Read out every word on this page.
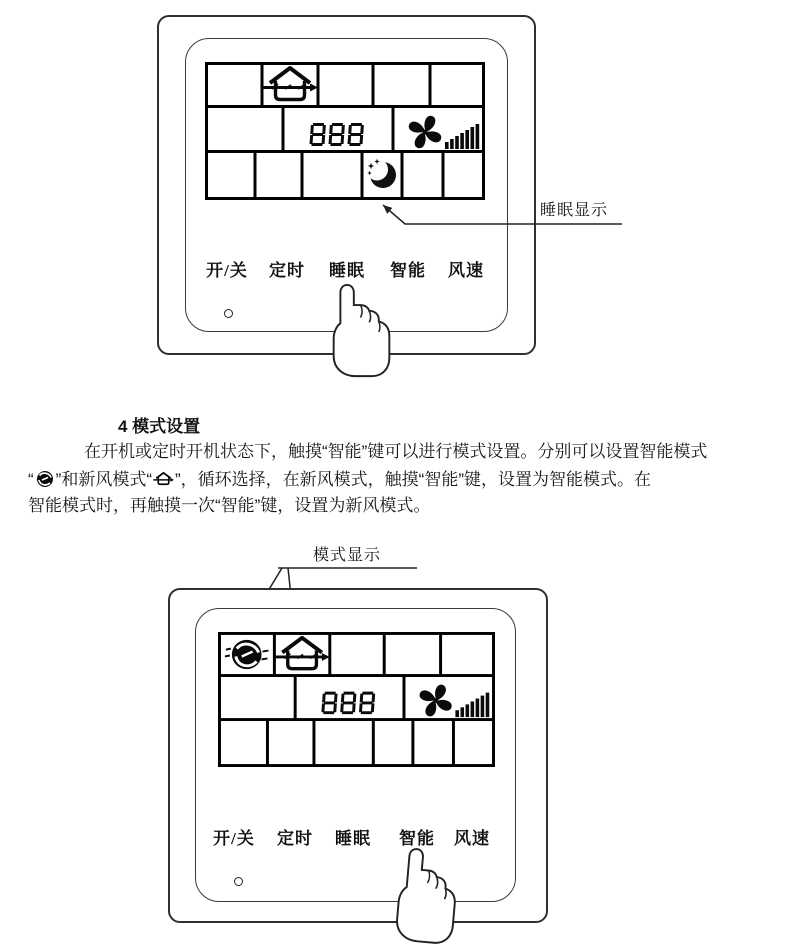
开/关 定时 睡眠 智能 风速
睡眠显示
4 模式设置
在开机或定时开机状态下，触摸“智能”键可以进行模式设置。分别可以设置智能模式
“ ”和新风模式“ ”，循环选择，在新风模式，触摸“智能”键，设置为智能模式。在
智能模式时，再触摸一次“智能”键，设置为新风模式。
模式显示
开/关 定时 睡眠 智能 风速
